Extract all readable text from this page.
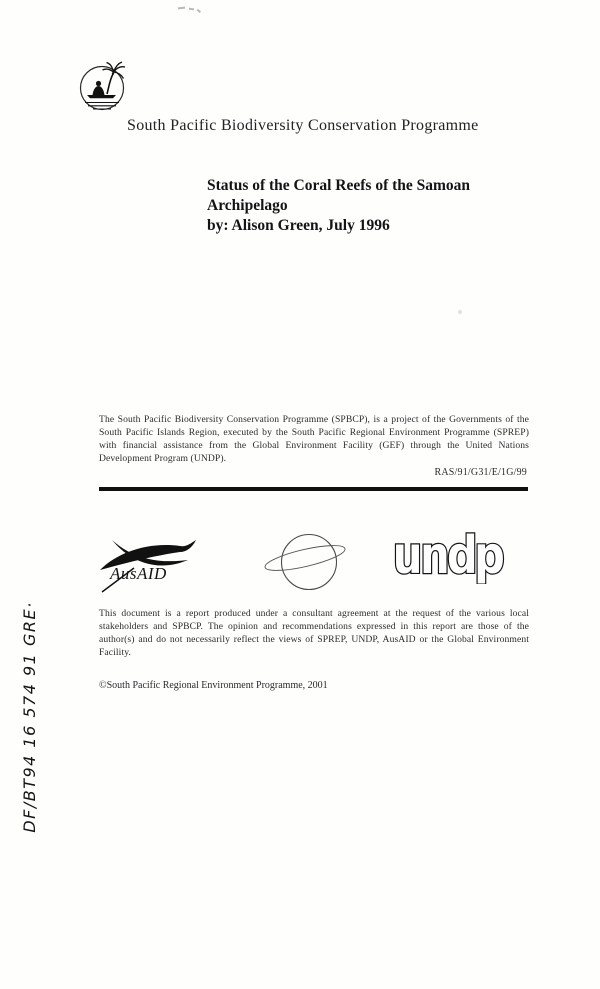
South Pacific Biodiversity Conservation Programme
Status of the Coral Reefs of the Samoan
Archipelago
by: Alison Green, July 1996
The South Pacific Biodiversity Conservation Programme (SPBCP), is a project of the Governments of the South Pacific Islands Region, executed by the South Pacific Regional Environment Programme (SPREP) with financial assistance from the Global Environment Facility (GEF) through the United Nations Development Program (UNDP).
RAS/91/G31/E/1G/99
AusAID	undp
This document is a report produced under a consultant agreement at the request of the various local stakeholders and SPBCP. The opinion and recommendations expressed in this report are those of the author(s) and do not necessarily reflect the views of SPREP, UNDP, AusAID or the Global Environment Facility.
©South Pacific Regional Environment Programme, 2001
DF/BT94 16 574 91 GRE·
